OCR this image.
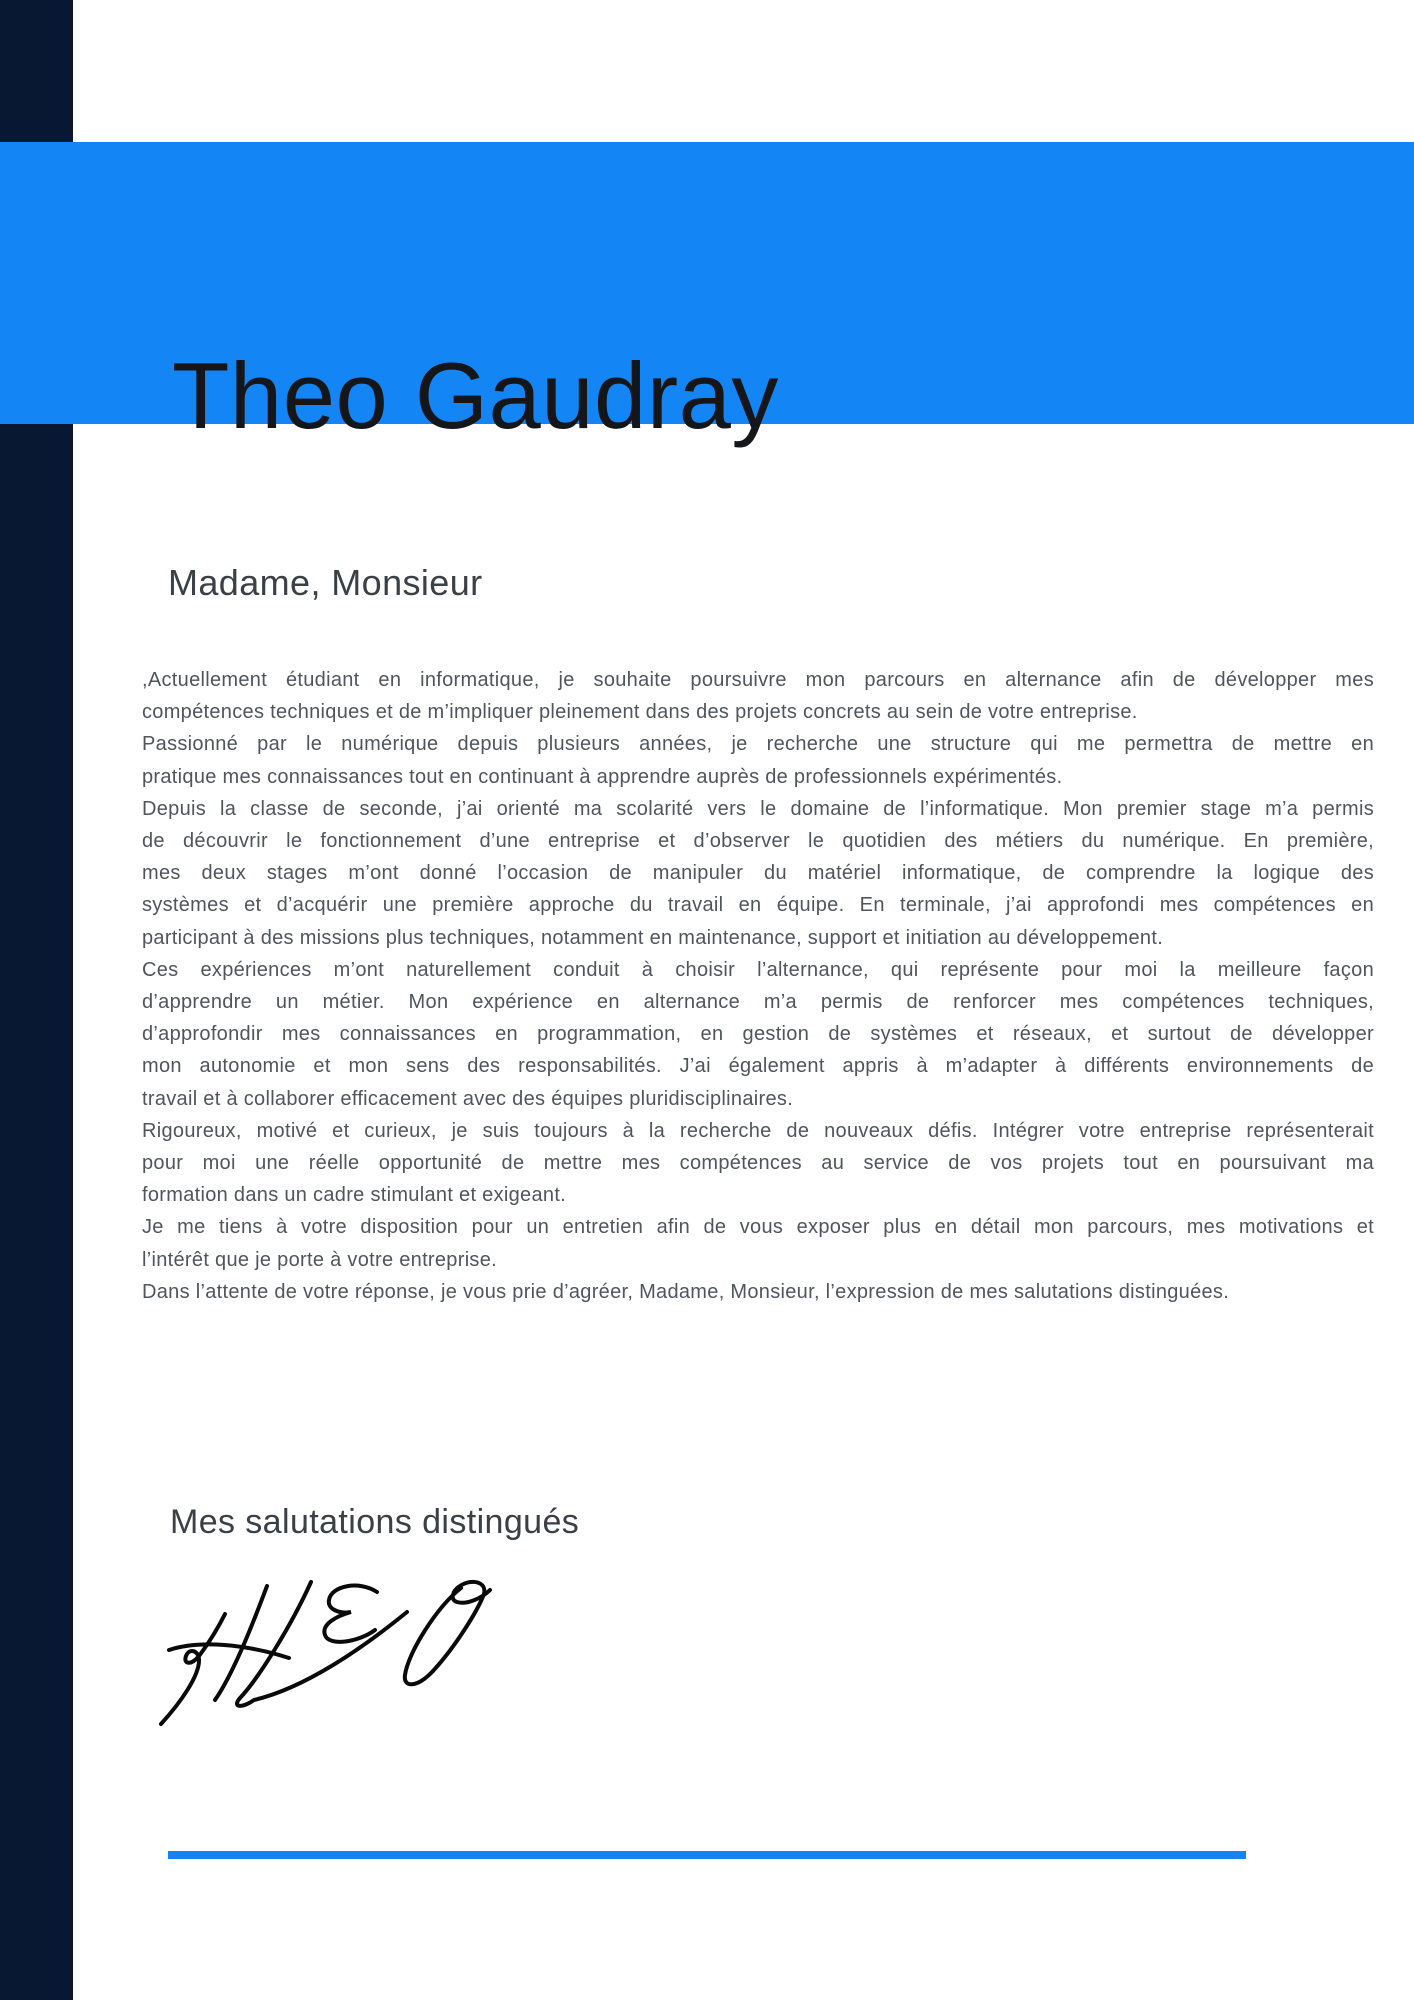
Theo Gaudray
Madame, Monsieur
,Actuellement étudiant en informatique, je souhaite poursuivre mon parcours en alternance afin de développer mes
compétences techniques et de m’impliquer pleinement dans des projets concrets au sein de votre entreprise.
Passionné par le numérique depuis plusieurs années, je recherche une structure qui me permettra de mettre en
pratique mes connaissances tout en continuant à apprendre auprès de professionnels expérimentés.
Depuis la classe de seconde, j’ai orienté ma scolarité vers le domaine de l’informatique. Mon premier stage m’a permis
de découvrir le fonctionnement d’une entreprise et d’observer le quotidien des métiers du numérique. En première,
mes deux stages m’ont donné l’occasion de manipuler du matériel informatique, de comprendre la logique des
systèmes et d’acquérir une première approche du travail en équipe. En terminale, j’ai approfondi mes compétences en
participant à des missions plus techniques, notamment en maintenance, support et initiation au développement.
Ces expériences m’ont naturellement conduit à choisir l’alternance, qui représente pour moi la meilleure façon
d’apprendre un métier. Mon expérience en alternance m’a permis de renforcer mes compétences techniques,
d’approfondir mes connaissances en programmation, en gestion de systèmes et réseaux, et surtout de développer
mon autonomie et mon sens des responsabilités. J’ai également appris à m’adapter à différents environnements de
travail et à collaborer efficacement avec des équipes pluridisciplinaires.
Rigoureux, motivé et curieux, je suis toujours à la recherche de nouveaux défis. Intégrer votre entreprise représenterait
pour moi une réelle opportunité de mettre mes compétences au service de vos projets tout en poursuivant ma
formation dans un cadre stimulant et exigeant.
Je me tiens à votre disposition pour un entretien afin de vous exposer plus en détail mon parcours, mes motivations et
l’intérêt que je porte à votre entreprise.
Dans l’attente de votre réponse, je vous prie d’agréer, Madame, Monsieur, l’expression de mes salutations distinguées.
Mes salutations distingués
